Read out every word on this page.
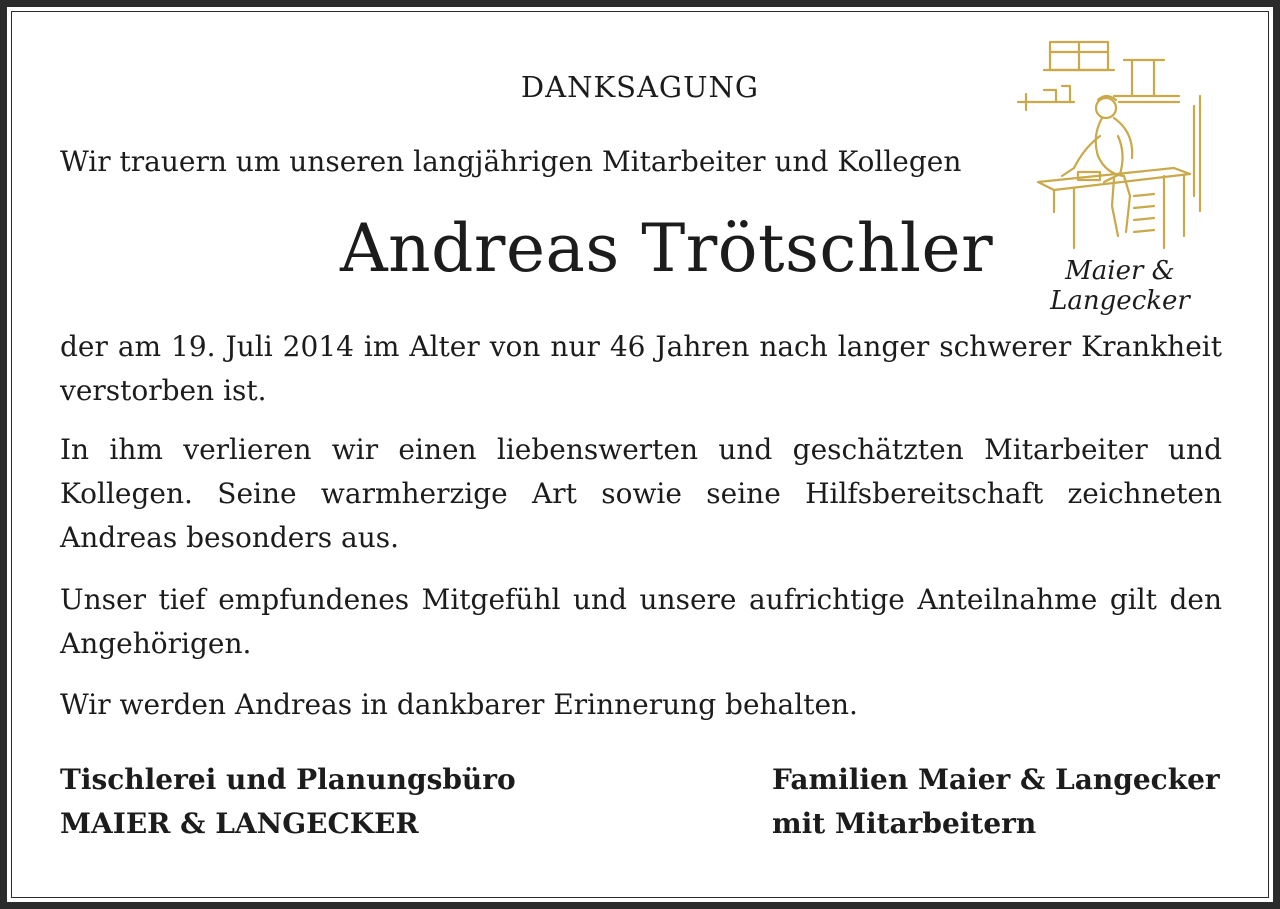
DANKSAGUNG
Wir trauern um unseren langjährigen Mitarbeiter und Kollegen
Andreas Trötschler
der am 19. Juli 2014 im Alter von nur 46 Jahren nach langer schwerer Krankheit verstorben ist.
In ihm verlieren wir einen liebenswerten und geschätzten Mitarbeiter und Kollegen. Seine warmherzige Art sowie seine Hilfsbereitschaft zeichneten Andreas besonders aus.
Unser tief empfundenes Mitgefühl und unsere aufrichtige Anteilnahme gilt den Angehörigen.
Wir werden Andreas in dankbarer Erinnerung behalten.
Tischlerei und Planungsbüro
MAIER & LANGECKER
Familien Maier & Langecker
mit Mitarbeitern
Maier & Langecker
